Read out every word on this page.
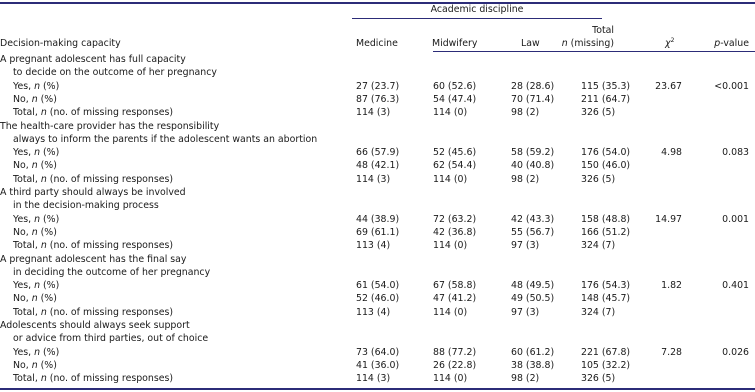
Academic discipline
Decision-making capacity	Medicine	Midwifery	Law
Total
n (missing)	$\chi^2$	p-value
A pregnant adolescent has full capacity
to decide on the outcome of her pregnancy
Yes, n (%)	27 (23.7)	60 (52.6)	28 (28.6)	115 (35.3)	23.67	<0.001
No, n (%)	87 (76.3)	54 (47.4)	70 (71.4)	211 (64.7)
Total, n (no. of missing responses)	114 (3)	114 (0)	98 (2)	326 (5)
The health-care provider has the responsibility
always to inform the parents if the adolescent wants an abortion
Yes, n (%)	66 (57.9)	52 (45.6)	58 (59.2)	176 (54.0)	4.98	0.083
No, n (%)	48 (42.1)	62 (54.4)	40 (40.8)	150 (46.0)
Total, n (no. of missing responses)	114 (3)	114 (0)	98 (2)	326 (5)
A third party should always be involved
in the decision-making process
Yes, n (%)	44 (38.9)	72 (63.2)	42 (43.3)	158 (48.8)	14.97	0.001
No, n (%)	69 (61.1)	42 (36.8)	55 (56.7)	166 (51.2)
Total, n (no. of missing responses)	113 (4)	114 (0)	97 (3)	324 (7)
A pregnant adolescent has the final say
in deciding the outcome of her pregnancy
Yes, n (%)	61 (54.0)	67 (58.8)	48 (49.5)	176 (54.3)	1.82	0.401
No, n (%)	52 (46.0)	47 (41.2)	49 (50.5)	148 (45.7)
Total, n (no. of missing responses)	113 (4)	114 (0)	97 (3)	324 (7)
Adolescents should always seek support
or advice from third parties, out of choice
Yes, n (%)	73 (64.0)	88 (77.2)	60 (61.2)	221 (67.8)	7.28	0.026
No, n (%)	41 (36.0)	26 (22.8)	38 (38.8)	105 (32.2)
Total, n (no. of missing responses)	114 (3)	114 (0)	98 (2)	326 (5)
